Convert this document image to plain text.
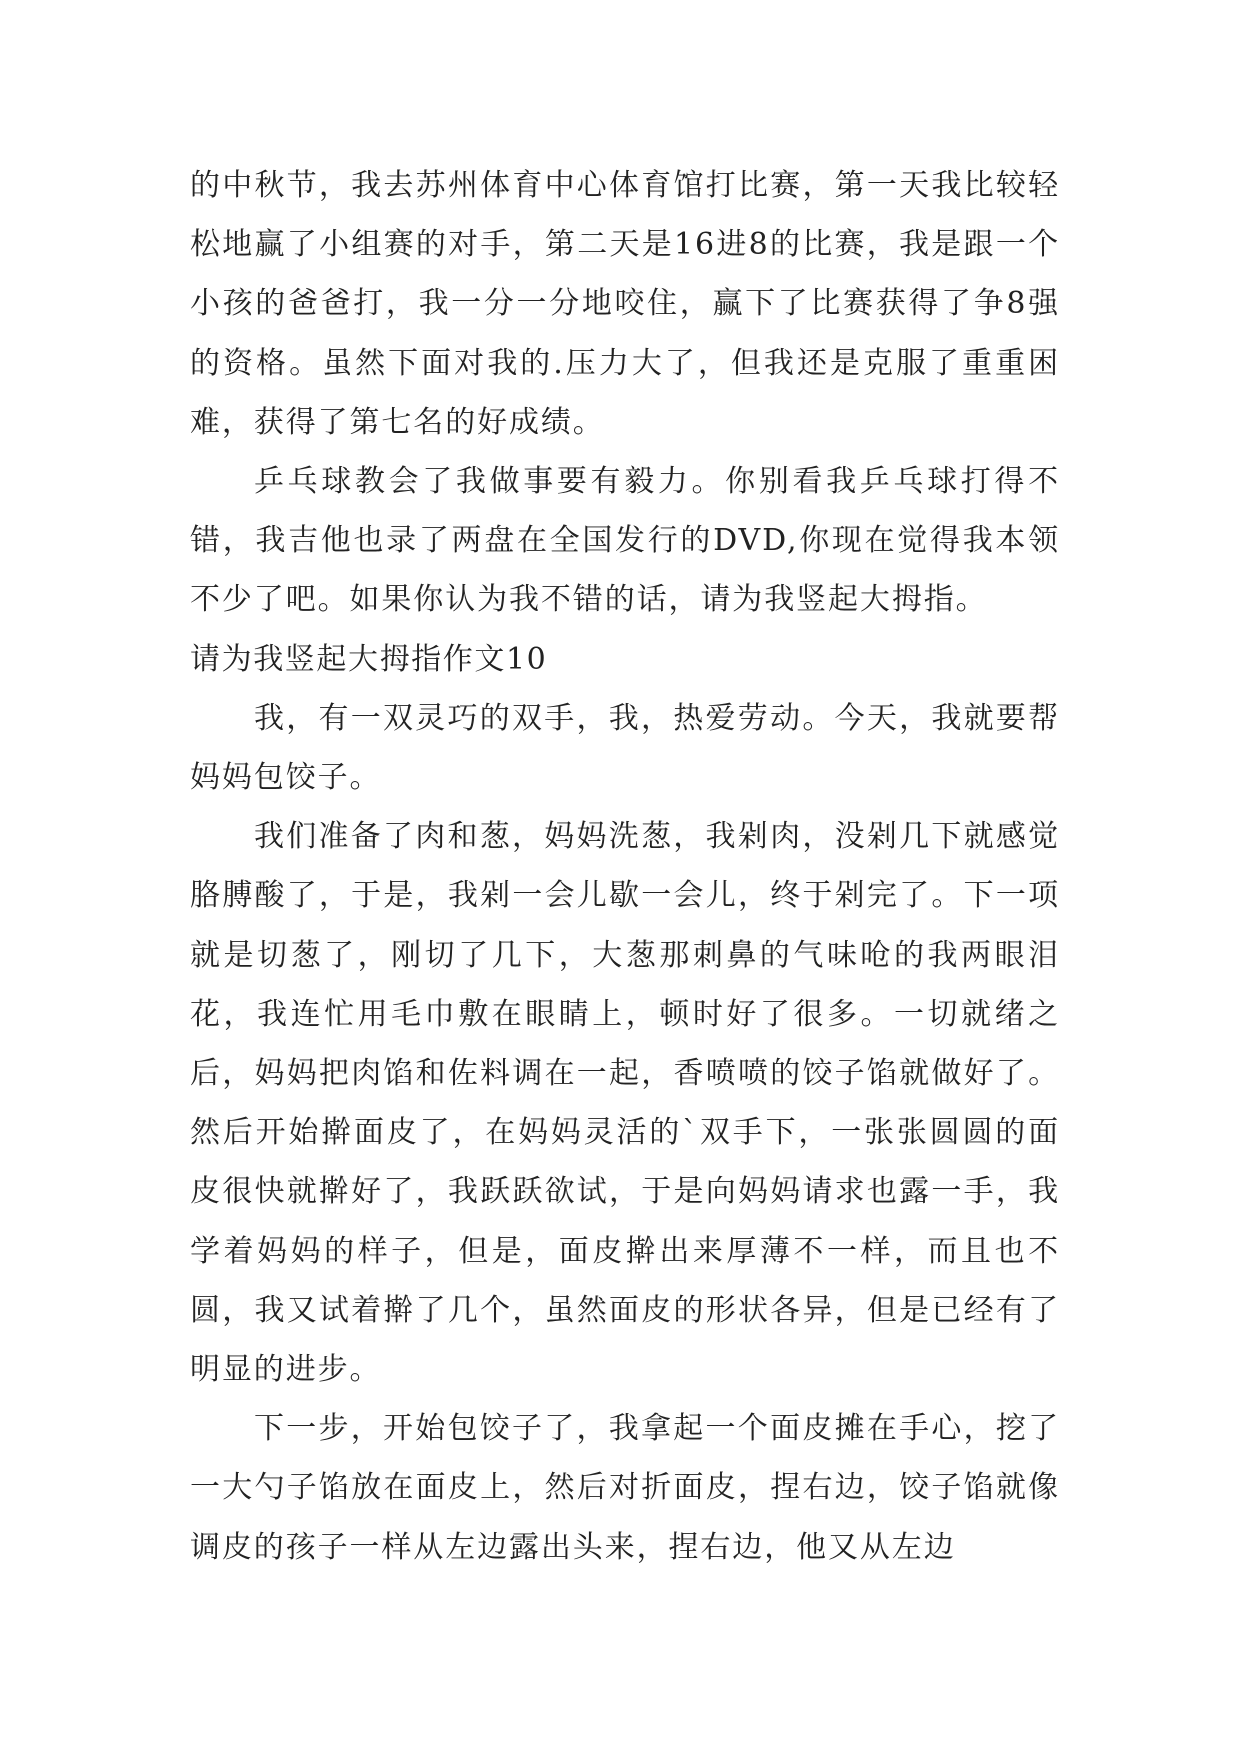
的中秋节，我去苏州体育中心体育馆打比赛，第一天我比较轻松地赢了小组赛的对手，第二天是16进8的比赛，我是跟一个小孩的爸爸打，我一分一分地咬住，赢下了比赛获得了争8强的资格。虽然下面对我的.压力大了，但我还是克服了重重困难，获得了第七名的好成绩。

乒乓球教会了我做事要有毅力。你别看我乒乓球打得不错，我吉他也录了两盘在全国发行的DVD,你现在觉得我本领不少了吧。如果你认为我不错的话，请为我竖起大拇指。

请为我竖起大拇指作文10

我，有一双灵巧的双手，我，热爱劳动。今天，我就要帮妈妈包饺子。

我们准备了肉和葱，妈妈洗葱，我剁肉，没剁几下就感觉胳膊酸了，于是，我剁一会儿歇一会儿，终于剁完了。下一项就是切葱了，刚切了几下，大葱那刺鼻的气味呛的我两眼泪花，我连忙用毛巾敷在眼睛上，顿时好了很多。一切就绪之后，妈妈把肉馅和佐料调在一起，香喷喷的饺子馅就做好了。然后开始擀面皮了，在妈妈灵活的`双手下，一张张圆圆的面皮很快就擀好了，我跃跃欲试，于是向妈妈请求也露一手，我学着妈妈的样子，但是，面皮擀出来厚薄不一样，而且也不圆，我又试着擀了几个，虽然面皮的形状各异，但是已经有了明显的进步。

下一步，开始包饺子了，我拿起一个面皮摊在手心，挖了一大勺子馅放在面皮上，然后对折面皮，捏右边，饺子馅就像调皮的孩子一样从左边露出头来，捏右边，他又从左边
